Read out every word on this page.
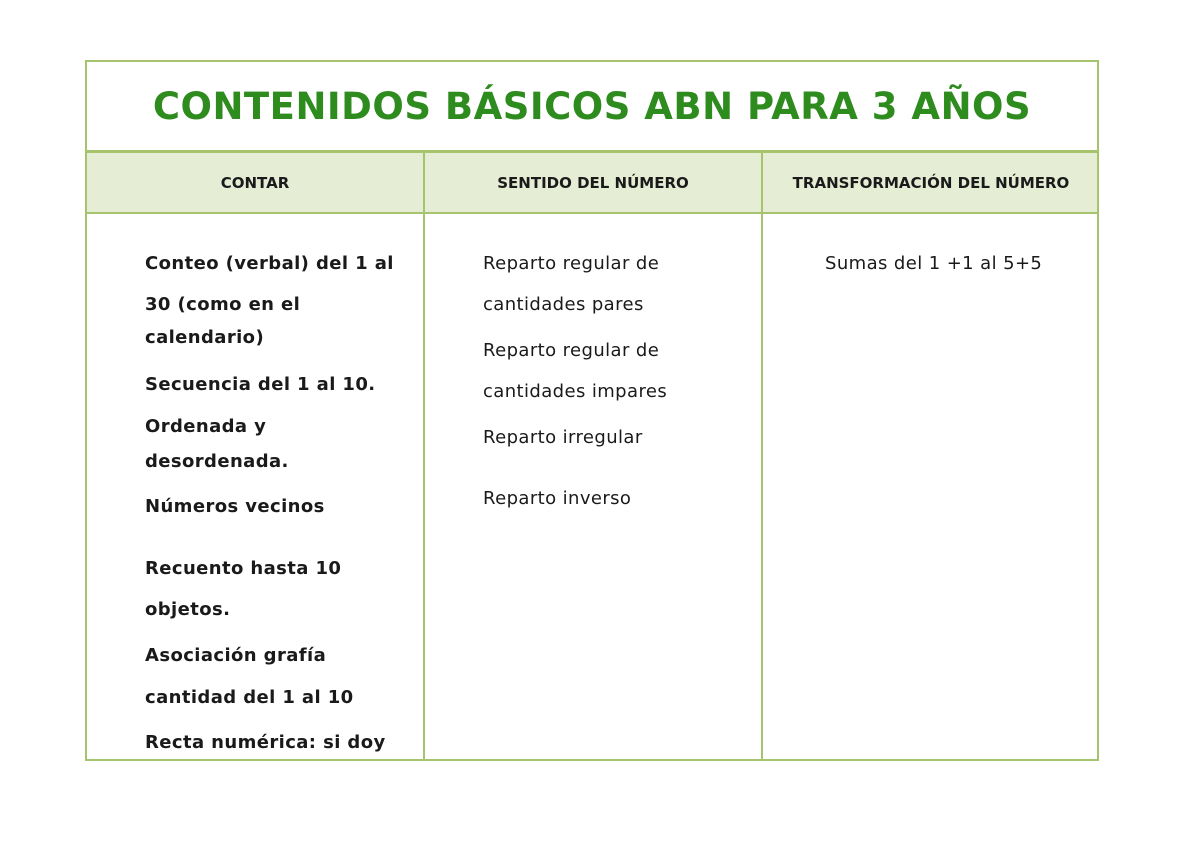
CONTENIDOS BÁSICOS ABN PARA 3 AÑOS
CONTAR	SENTIDO DEL NÚMERO	TRANSFORMACIÓN DEL NÚMERO

Conteo (verbal) del 1 al

30 (como en el

calendario)

Secuencia del 1 al 10.

Ordenada y

desordenada.

Números vecinos

Recuento hasta 10

objetos.

Asociación grafía

cantidad del 1 al 10

Recta numérica: si doy

Reparto regular de

cantidades pares

Reparto regular de

cantidades impares

Reparto irregular

Reparto inverso

Sumas del 1 +1 al 5+5
